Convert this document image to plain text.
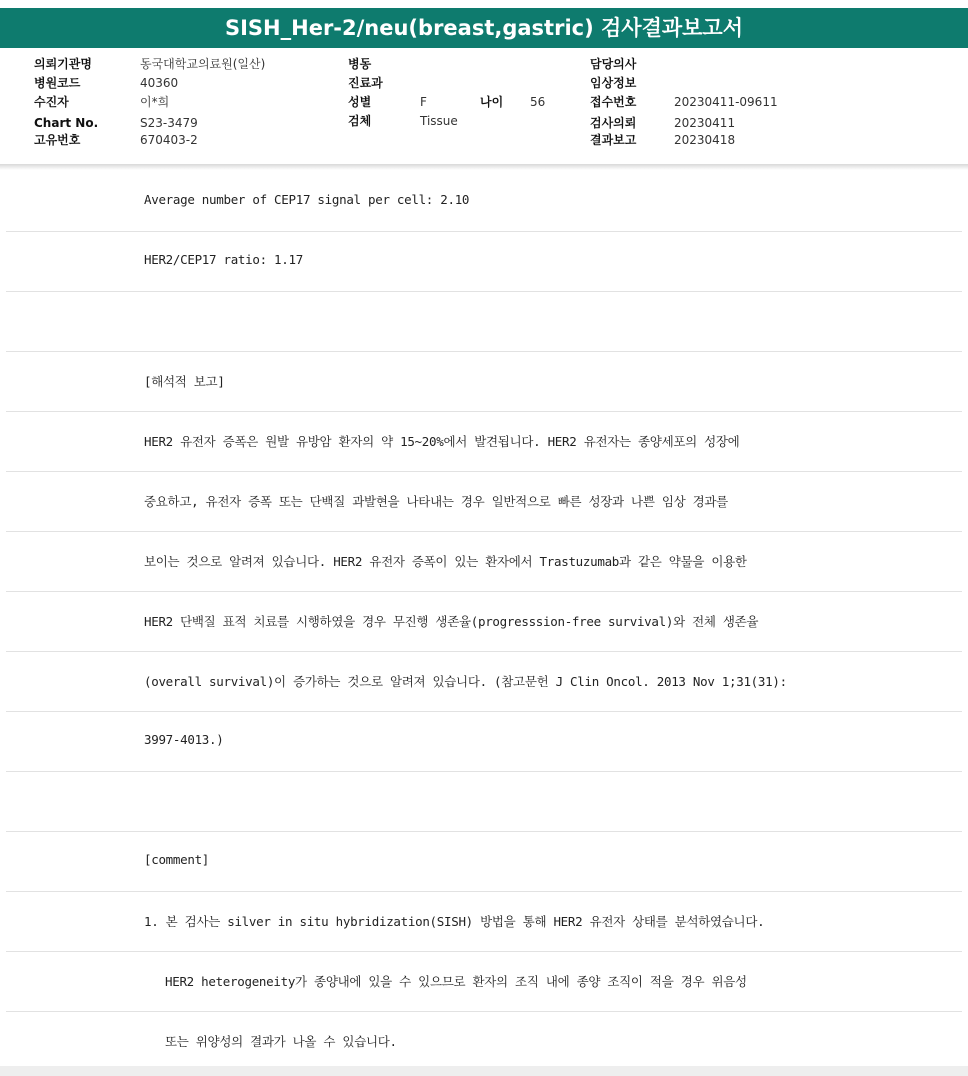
SISH_Her-2/neu(breast,gastric) 검사결과보고서
의뢰기관명	동국대학교의료원(일산)
병원코드	40360
수진자	이*희
Chart No.	S23-3479
고유번호	670403-2
병동
진료과
성별	F
검체	Tissue
나이 56
담당의사
임상정보
접수번호	20230411-09611
검사의뢰	20230411
결과보고	20230418
Average number of CEP17 signal per cell: 2.10
HER2/CEP17 ratio: 1.17
[해석적 보고]
HER2 유전자 증폭은 원발 유방암 환자의 약 15~20%에서 발견됩니다. HER2 유전자는 종양세포의 성장에
중요하고, 유전자 증폭 또는 단백질 과발현을 나타내는 경우 일반적으로 빠른 성장과 나쁜 임상 경과를
보이는 것으로 알려져 있습니다. HER2 유전자 증폭이 있는 환자에서 Trastuzumab과 같은 약물을 이용한
HER2 단백질 표적 치료를 시행하였을 경우 무진행 생존율(progresssion-free survival)와 전체 생존율
(overall survival)이 증가하는 것으로 알려져 있습니다. (참고문헌 J Clin Oncol. 2013 Nov 1;31(31):
3997-4013.)
[comment]
1. 본 검사는 silver in situ hybridization(SISH) 방법을 통해 HER2 유전자 상태를 분석하였습니다.
HER2 heterogeneity가 종양내에 있을 수 있으므로 환자의 조직 내에 종양 조직이 적을 경우 위음성
또는 위양성의 결과가 나올 수 있습니다.
